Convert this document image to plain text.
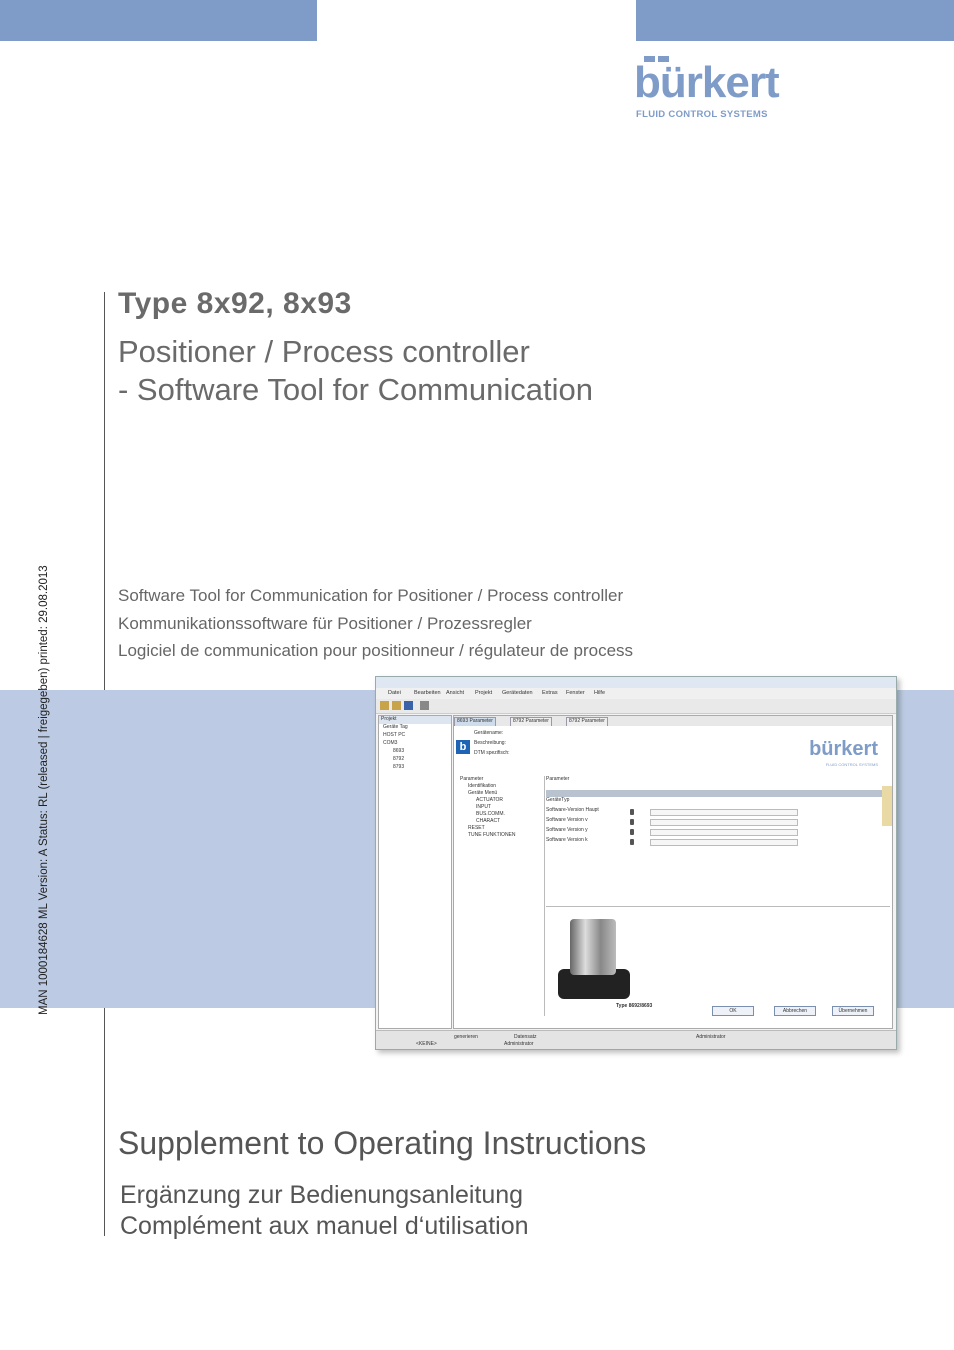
bürkert
FLUID CONTROL SYSTEMS
Type 8x92, 8x93
Positioner / Process controller
- Software Tool for Communication
Software Tool for Communication for Positioner / Process controller
Kommunikationssoftware für Positioner / Prozessregler
Logiciel de communication pour positionneur / régulateur de process
MAN 1000184628 ML Version: A Status: RL (released | freigegeben) printed: 29.08.2013	Datei Bearbeiten Ansicht Projekt Gerätedaten Extras Fenster Hilfe
Projekt
Geräte Tag
HOST PC
COM3
8693
8792
8793
8693 Parameter	8792 Parameter	8792 Parameter
b
Gerätename:
Beschreibung:
DTM spezifisch:	bürkert
FLUID CONTROL SYSTEMS
Parameter
Identifikation
Geräte Menü
ACTUATOR
INPUT
BUS.COMM.
CHARACT
RESET
TUNE FUNKTIONEN
Parameter
GeräteTyp
Software-Version Haupt
Software Version v
Software Version y
Software Version k
Type 8692/8693
OK	Abbrechen	Übernehmen
generieren	Datensatz
<KEINE>	Administrator
Administrator
Supplement to Operating Instructions
Ergänzung zur Bedienungsanleitung
Complément aux manuel d‘utilisation
